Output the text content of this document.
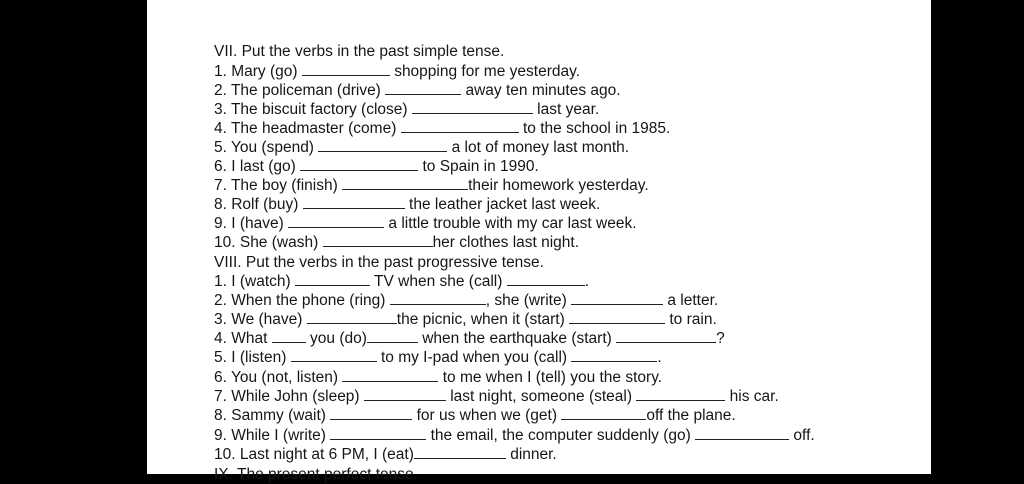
VII. Put the verbs in the past simple tense.
1. Mary (go)	shopping for me yesterday.
2. The policeman (drive)	away ten minutes ago.
3. The biscuit factory (close)	last year.
4. The headmaster (come)	to the school in 1985.
5. You (spend)	a lot of money last month.
6. I last (go)	to Spain in 1990.
7. The boy (finish)	their homework yesterday.
8. Rolf (buy)	the leather jacket last week.
9. I (have)	a little trouble with my car last week.
10. She (wash)	her clothes last night.
VIII. Put the verbs in the past progressive tense.
1. I (watch)	TV when she (call)	.
2. When the phone (ring)	, she (write)	a letter.
3. We (have)	the picnic, when it (start)	to rain.
4. What	you (do)	when the earthquake (start)	?
5. I (listen)	to my I-pad when you (call)	.
6. You (not, listen)	to me when I (tell) you the story.
7. While John (sleep)	last night, someone (steal)	his car.
8. Sammy (wait)	for us when we (get)	off the plane.
9. While I (write)	the email, the computer suddenly (go)	off.
10. Last night at 6 PM, I (eat)	dinner.
IX. The present perfect tense.
